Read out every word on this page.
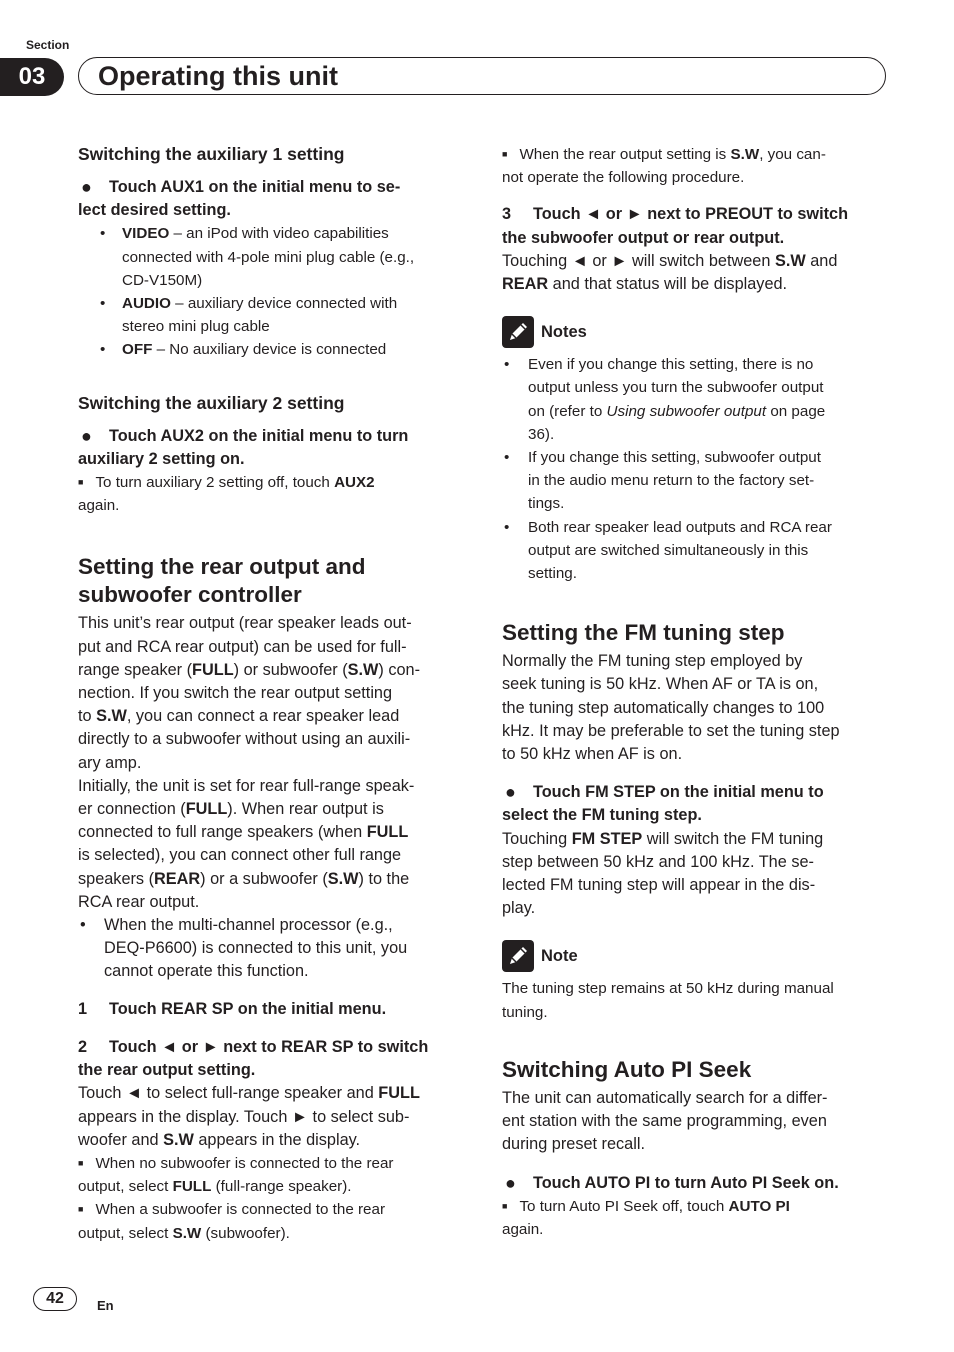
Section
03	Operating this unit

Switching the auxiliary 1 setting

● Touch AUX1 on the initial menu to se-

lect desired setting.

• VIDEO – an iPod with video capabilities
connected with 4-pole mini plug cable (e.g.,
CD-V150M)
• AUDIO – auxiliary device connected with
stereo mini plug cable
• OFF – No auxiliary device is connected

Switching the auxiliary 2 setting

● Touch AUX2 on the initial menu to turn

auxiliary 2 setting on.

■ To turn auxiliary 2 setting off, touch AUX2
again.

Setting the rear output and
subwoofer controller

This unit’s rear output (rear speaker leads out-
put and RCA rear output) can be used for full-
range speaker (FULL) or subwoofer (S.W) con-
nection. If you switch the rear output setting
to S.W, you can connect a rear speaker lead
directly to a subwoofer without using an auxili-
ary amp.

Initially, the unit is set for rear full-range speak-
er connection (FULL). When rear output is
connected to full range speakers (when FULL
is selected), you can connect other full range
speakers (REAR) or a subwoofer (S.W) to the
RCA rear output.

• When the multi-channel processor (e.g.,
DEQ-P6600) is connected to this unit, you
cannot operate this function.

1 Touch REAR SP on the initial menu.

2 Touch ◄ or ► next to REAR SP to switch
the rear output setting.

Touch ◄ to select full-range speaker and FULL
appears in the display. Touch ► to select sub-
woofer and S.W appears in the display.

■ When no subwoofer is connected to the rear
output, select FULL (full-range speaker).

■ When a subwoofer is connected to the rear
output, select S.W (subwoofer).

■ When the rear output setting is S.W, you can-
not operate the following procedure.

3 Touch ◄ or ► next to PREOUT to switch
the subwoofer output or rear output.

Touching ◄ or ► will switch between S.W and
REAR and that status will be displayed.

Notes
• Even if you change this setting, there is no
output unless you turn the subwoofer output
on (refer to Using subwoofer output on page
36).
• If you change this setting, subwoofer output
in the audio menu return to the factory set-
tings.
• Both rear speaker lead outputs and RCA rear
output are switched simultaneously in this
setting.

Setting the FM tuning step

Normally the FM tuning step employed by
seek tuning is 50 kHz. When AF or TA is on,
the tuning step automatically changes to 100
kHz. It may be preferable to set the tuning step
to 50 kHz when AF is on.

● Touch FM STEP on the initial menu to

select the FM tuning step.

Touching FM STEP will switch the FM tuning
step between 50 kHz and 100 kHz. The se-
lected FM tuning step will appear in the dis-
play.

Note

The tuning step remains at 50 kHz during manual
tuning.

Switching Auto PI Seek

The unit can automatically search for a differ-
ent station with the same programming, even
during preset recall.

● Touch AUTO PI to turn Auto PI Seek on.

■ To turn Auto PI Seek off, touch AUTO PI
again.

42	En
